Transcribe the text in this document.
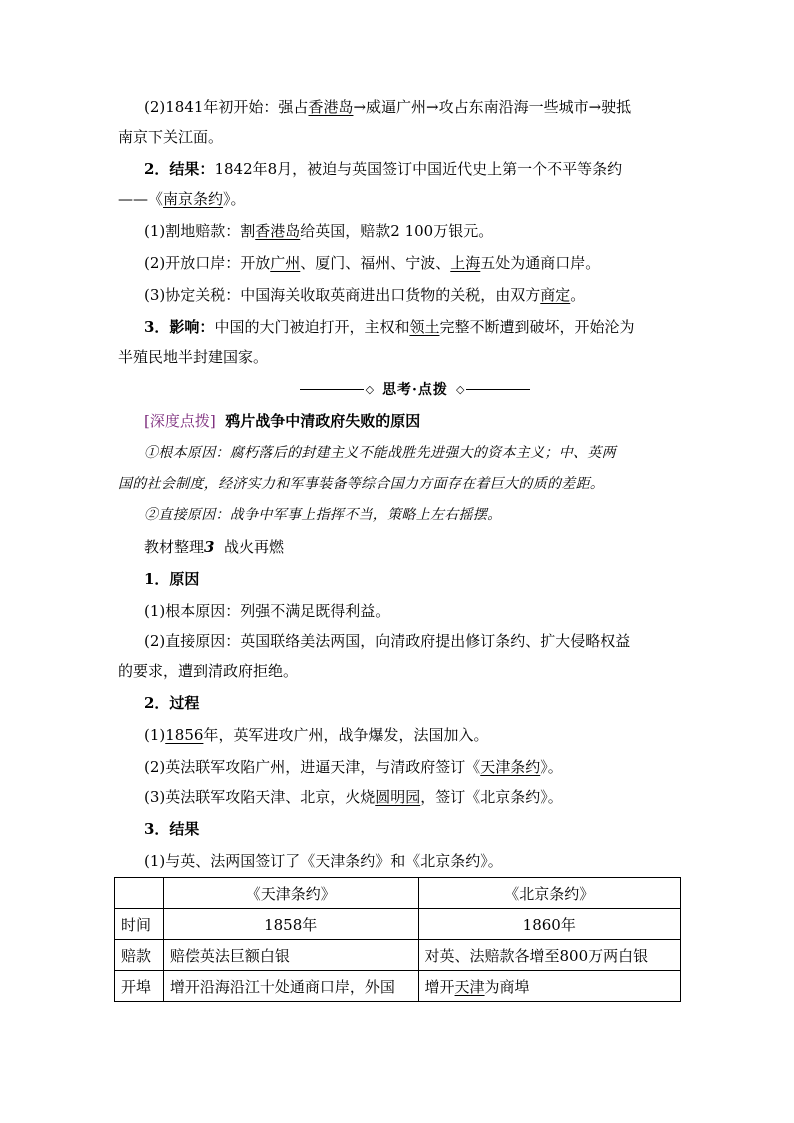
(2)1841年初开始：强占香港岛→威逼广州→攻占东南沿海一些城市→驶抵
南京下关江面。
2．结果：1842年8月，被迫与英国签订中国近代史上第一个不平等条约
——《南京条约》。
(1)割地赔款：割香港岛给英国，赔款2 100万银元。
(2)开放口岸：开放广州、厦门、福州、宁波、上海五处为通商口岸。
(3)协定关税：中国海关收取英商进出口货物的关税，由双方商定。
3．影响：中国的大门被迫打开，主权和领土完整不断遭到破坏，开始沦为
半殖民地半封建国家。
◇ 思考·点拨 ◇
[深度点拨] 鸦片战争中清政府失败的原因
①根本原因：腐朽落后的封建主义不能战胜先进强大的资本主义；中、英两
国的社会制度，经济实力和军事装备等综合国力方面存在着巨大的质的差距。
②直接原因：战争中军事上指挥不当，策略上左右摇摆。
教材整理3 战火再燃
1．原因
(1)根本原因：列强不满足既得利益。
(2)直接原因：英国联络美法两国，向清政府提出修订条约、扩大侵略权益
的要求，遭到清政府拒绝。
2．过程
(1)1856年，英军进攻广州，战争爆发，法国加入。
(2)英法联军攻陷广州，进逼天津，与清政府签订《天津条约》。
(3)英法联军攻陷天津、北京，火烧圆明园，签订《北京条约》。
3．结果
(1)与英、法两国签订了《天津条约》和《北京条约》。
	《天津条约》	《北京条约》
时间	1858年	1860年
赔款	赔偿英法巨额白银	对英、法赔款各增至800万两白银
开埠	增开沿海沿江十处通商口岸，外国	增开天津为商埠
